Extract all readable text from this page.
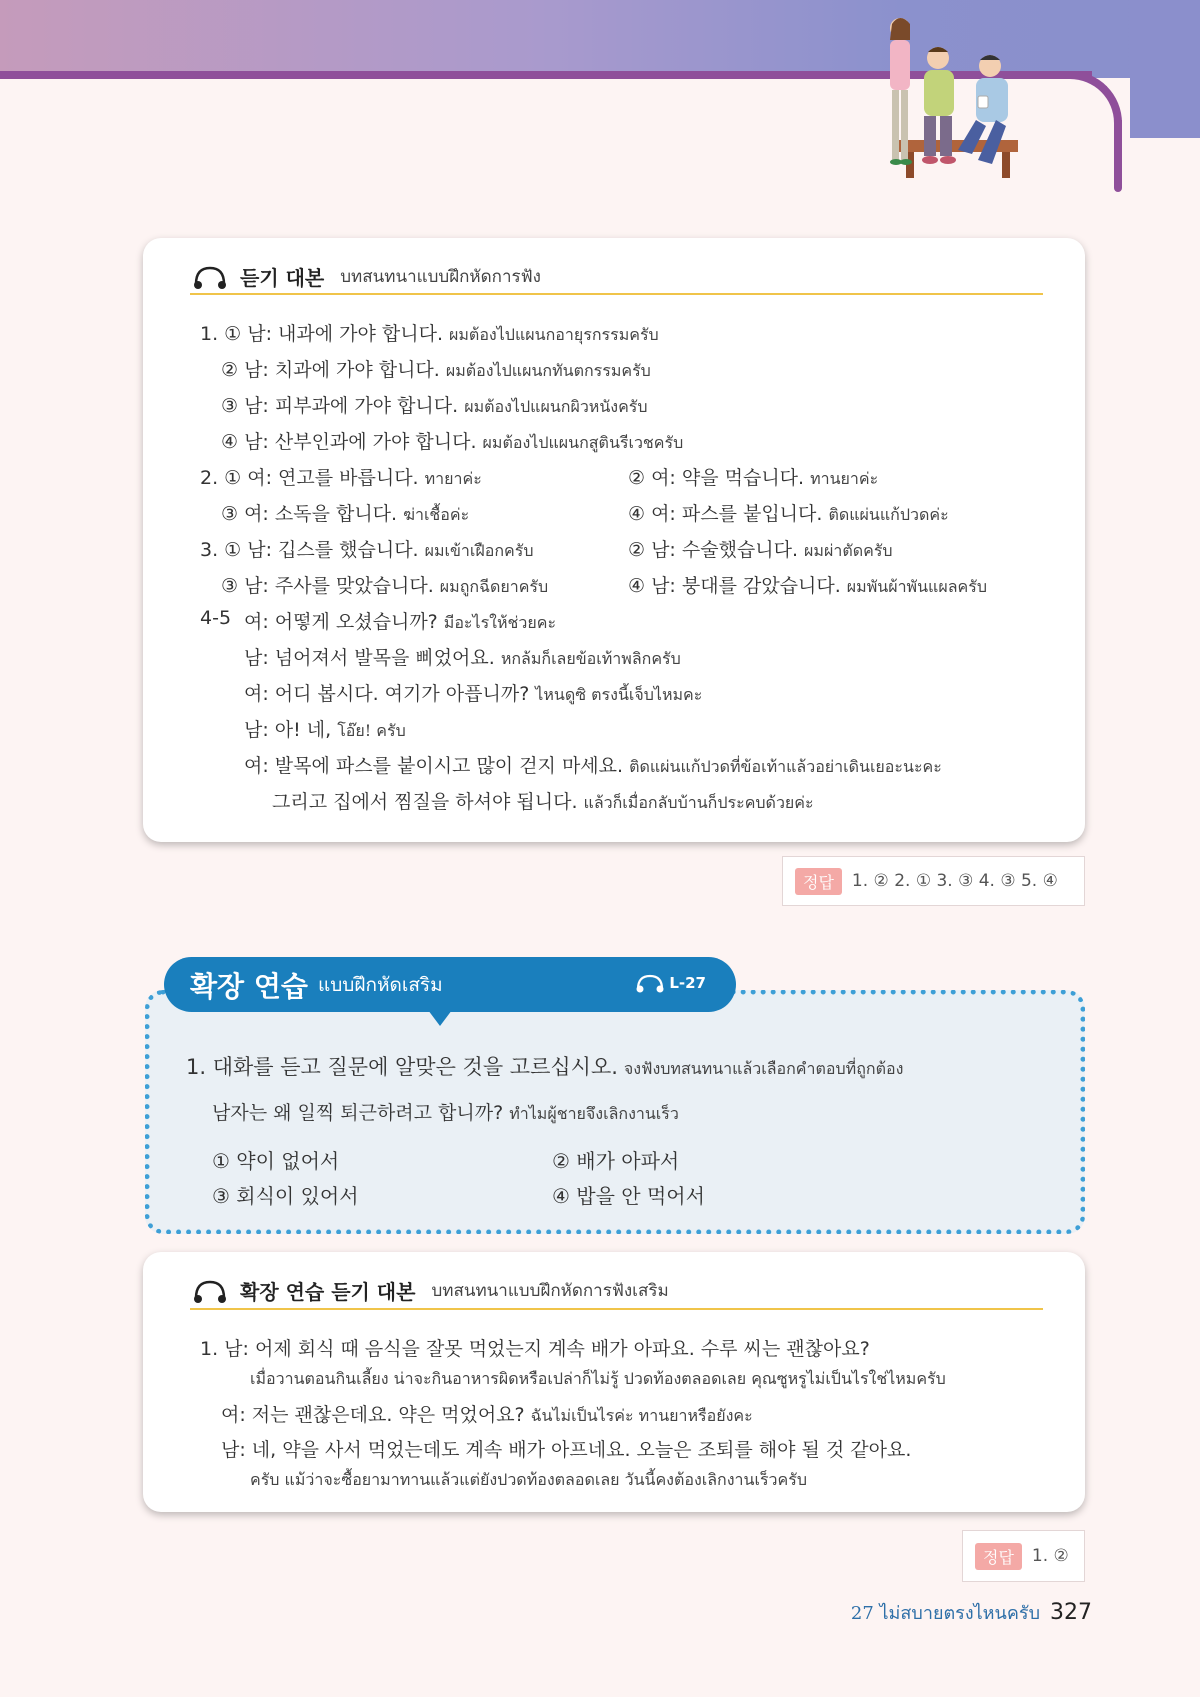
듣기 대본 บทสนทนาแบบฝึกหัดการฟัง
1. ① 남: 내과에 가야 합니다. ผมต้องไปแผนกอายุรกรรมครับ
② 남: 치과에 가야 합니다. ผมต้องไปแผนกทันตกรรมครับ
③ 남: 피부과에 가야 합니다. ผมต้องไปแผนกผิวหนังครับ
④ 남: 산부인과에 가야 합니다. ผมต้องไปแผนกสูตินรีเวชครับ
2. ① 여: 연고를 바릅니다. ทายาค่ะ	② 여: 약을 먹습니다. ทานยาค่ะ
③ 여: 소독을 합니다. ฆ่าเชื้อค่ะ	④ 여: 파스를 붙입니다. ติดแผ่นแก้ปวดค่ะ
3. ① 남: 깁스를 했습니다. ผมเข้าเฝือกครับ	② 남: 수술했습니다. ผมผ่าตัดครับ
③ 남: 주사를 맞았습니다. ผมถูกฉีดยาครับ	④ 남: 붕대를 감았습니다. ผมพันผ้าพันแผลครับ
4-5 여: 어떻게 오셨습니까? มีอะไรให้ช่วยคะ
남: 넘어져서 발목을 삐었어요. หกล้มก็เลยข้อเท้าพลิกครับ
여: 어디 봅시다. 여기가 아픕니까? ไหนดูซิ ตรงนี้เจ็บไหมคะ
남: 아! 네, โอ๊ย! ครับ
여: 발목에 파스를 붙이시고 많이 걷지 마세요. ติดแผ่นแก้ปวดที่ข้อเท้าแล้วอย่าเดินเยอะนะคะ
그리고 집에서 찜질을 하셔야 됩니다. แล้วก็เมื่อกลับบ้านก็ประคบด้วยค่ะ
정답	1. ② 2. ① 3. ③ 4. ③ 5. ④
확장 연습 แบบฝึกหัดเสริม	L-27
1. 대화를 듣고 질문에 알맞은 것을 고르십시오. จงฟังบทสนทนาแล้วเลือกคำตอบที่ถูกต้อง
남자는 왜 일찍 퇴근하려고 합니까? ทำไมผู้ชายจึงเลิกงานเร็ว
① 약이 없어서	② 배가 아파서
③ 회식이 있어서	④ 밥을 안 먹어서
확장 연습 듣기 대본 บทสนทนาแบบฝึกหัดการฟังเสริม
1. 남: 어제 회식 때 음식을 잘못 먹었는지 계속 배가 아파요. 수루 씨는 괜찮아요?
เมื่อวานตอนกินเลี้ยง น่าจะกินอาหารผิดหรือเปล่าก็ไม่รู้ ปวดท้องตลอดเลย คุณซูหรูไม่เป็นไรใช่ไหมครับ
여: 저는 괜찮은데요. 약은 먹었어요? ฉันไม่เป็นไรค่ะ ทานยาหรือยังคะ
남: 네, 약을 사서 먹었는데도 계속 배가 아프네요. 오늘은 조퇴를 해야 될 것 같아요.
ครับ แม้ว่าจะซื้อยามาทานแล้วแต่ยังปวดท้องตลอดเลย วันนี้คงต้องเลิกงานเร็วครับ
정답	1. ②
27 ไม่สบายตรงไหนครับ 327
